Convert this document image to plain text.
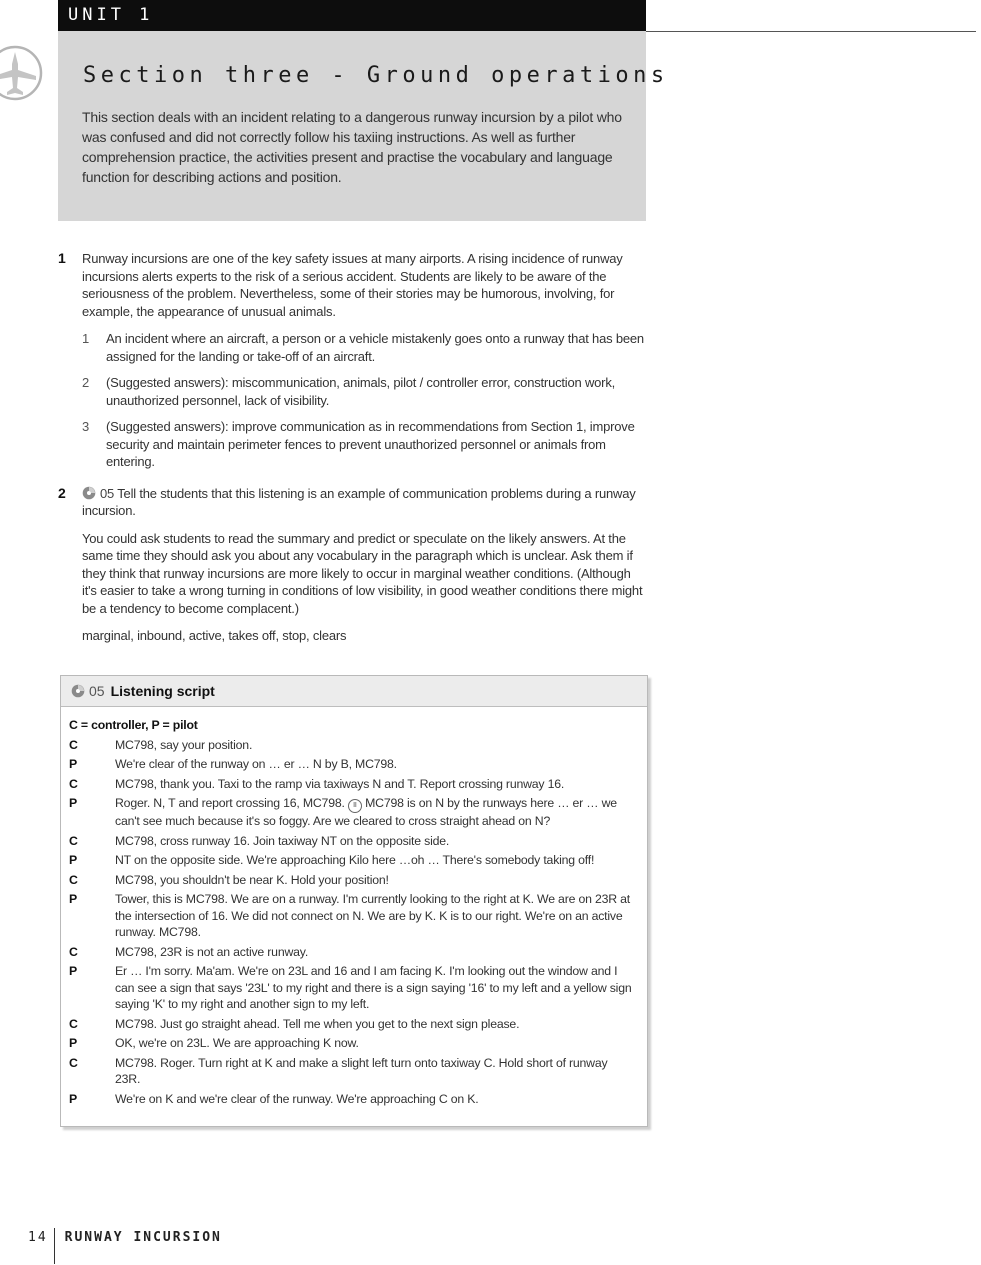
UNIT 1
Section three - Ground operations

This section deals with an incident relating to a dangerous runway incursion by a pilot who was confused and did not correctly follow his taxiing instructions. As well as further comprehension practice, the activities present and practise the vocabulary and language function for describing actions and position.

1 Runway incursions are one of the key safety issues at many airports. A rising incidence of runway incursions alerts experts to the risk of a serious accident. Students are likely to be aware of the seriousness of the problem. Nevertheless, some of their stories may be humorous, involving, for example, the appearance of unusual animals.

1 An incident where an aircraft, a person or a vehicle mistakenly goes onto a runway that has been assigned for the landing or take-off of an aircraft.
2 (Suggested answers): miscommunication, animals, pilot / controller error, construction work, unauthorized personnel, lack of visibility.
3 (Suggested answers): improve communication as in recommendations from Section 1, improve security and maintain perimeter fences to prevent unauthorized personnel or animals from entering.
2	05 Tell the students that this listening is an example of communication problems during a runway incursion.

You could ask students to read the summary and predict or speculate on the likely answers. At the same time they should ask you about any vocabulary in the paragraph which is unclear. Ask them if they think that runway incursions are more likely to occur in marginal weather conditions. (Although it's easier to take a wrong turning in conditions of low visibility, in good weather conditions there might be a tendency to become complacent.)

marginal, inbound, active, takes off, stop, clears

05 Listening script
C = controller, P = pilot
C	MC798, say your position.
P	We're clear of the runway on … er … N by B, MC798.
C	MC798, thank you. Taxi to the ramp via taxiways N and T. Report crossing runway 16.
P	Roger. N, T and report crossing 16, MC798. II MC798 is on N by the runways here … er … we can't see much because it's so foggy. Are we cleared to cross straight ahead on N?
C	MC798, cross runway 16. Join taxiway NT on the opposite side.
P	NT on the opposite side. We're approaching Kilo here …oh … There's somebody taking off!
C	MC798, you shouldn't be near K. Hold your position!
P	Tower, this is MC798. We are on a runway. I'm currently looking to the right at K. We are on 23R at the intersection of 16. We did not connect on N. We are by K. K is to our right. We're on an active runway. MC798.
C	MC798, 23R is not an active runway.
P	Er … I'm sorry. Ma'am. We're on 23L and 16 and I am facing K. I'm looking out the window and I can see a sign that says '23L' to my right and there is a sign saying '16' to my left and a yellow sign saying 'K' to my right and another sign to my left.
C	MC798. Just go straight ahead. Tell me when you get to the next sign please.
P	OK, we're on 23L. We are approaching K now.
C	MC798. Roger. Turn right at K and make a slight left turn onto taxiway C. Hold short of runway 23R.
P	We're on K and we're clear of the runway. We're approaching C on K.
14	RUNWAY INCURSION
